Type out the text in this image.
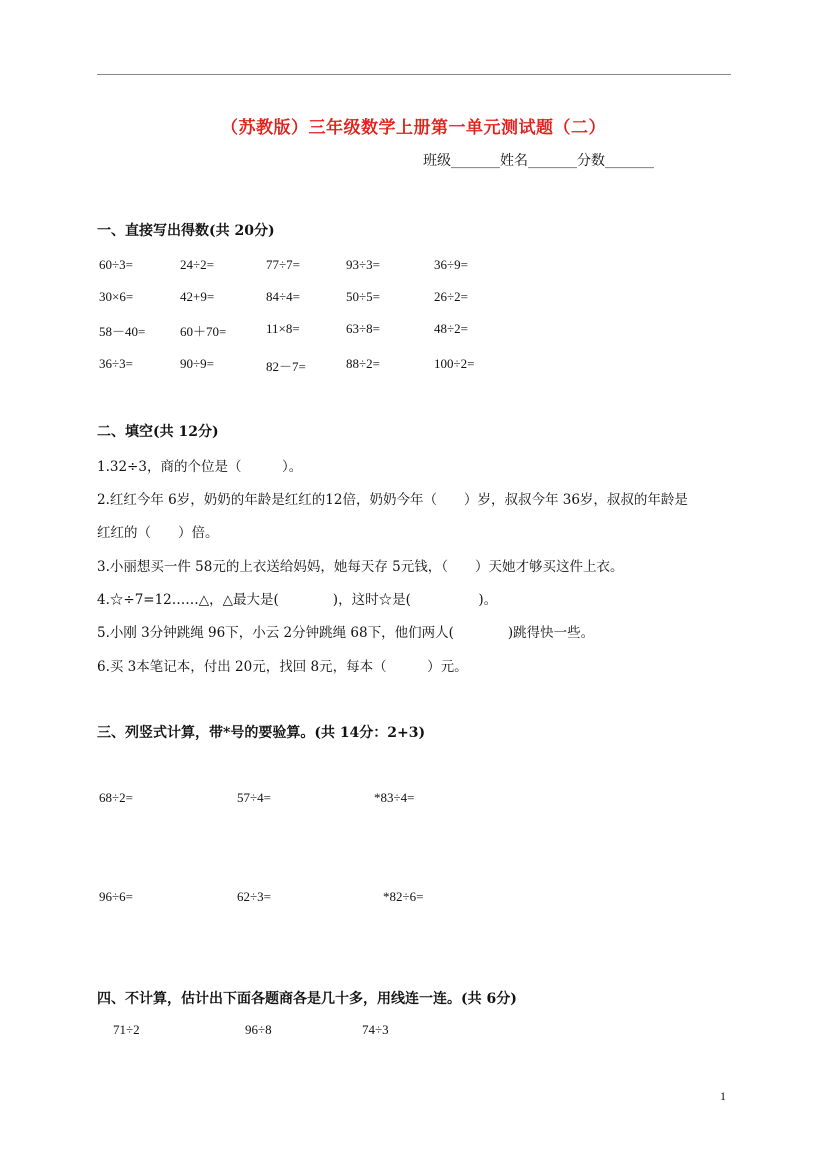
（苏教版）三年级数学上册第一单元测试题（二）
班级_______姓名_______分数_______
一、直接写出得数(共 20分)
60÷3=	24÷2=	77÷7=	93÷3=	36÷9=
30×6=	42+9=	84÷4=	50÷5=	26÷2=
58－40=	60＋70=	11×8=	63÷8=	48÷2=
36÷3=	90÷9=	82－7=	88÷2=	100÷2=
二、填空(共 12分)
1.32÷3，商的个位是（　　　）。
2.红红今年 6岁，奶奶的年龄是红红的12倍，奶奶今年（　　）岁，叔叔今年 36岁，叔叔的年龄是
红红的（　　）倍。
3.小丽想买一件 58元的上衣送给妈妈，她每天存 5元钱，（　　）天她才够买这件上衣。
4.☆÷7=12……△，△最大是(　　　　)，这时☆是(　　　　　)。
5.小刚 3分钟跳绳 96下，小云 2分钟跳绳 68下，他们两人(　　　　)跳得快一些。
6.买 3本笔记本，付出 20元，找回 8元，每本（　　　）元。
三、列竖式计算，带*号的要验算。(共 14分：2+3)
68÷2=	57÷4=	*83÷4=
96÷6=	62÷3=	*82÷6=
四、不计算，估计出下面各题商各是几十多，用线连一连。(共 6分)
71÷2	96÷8	74÷3
1
